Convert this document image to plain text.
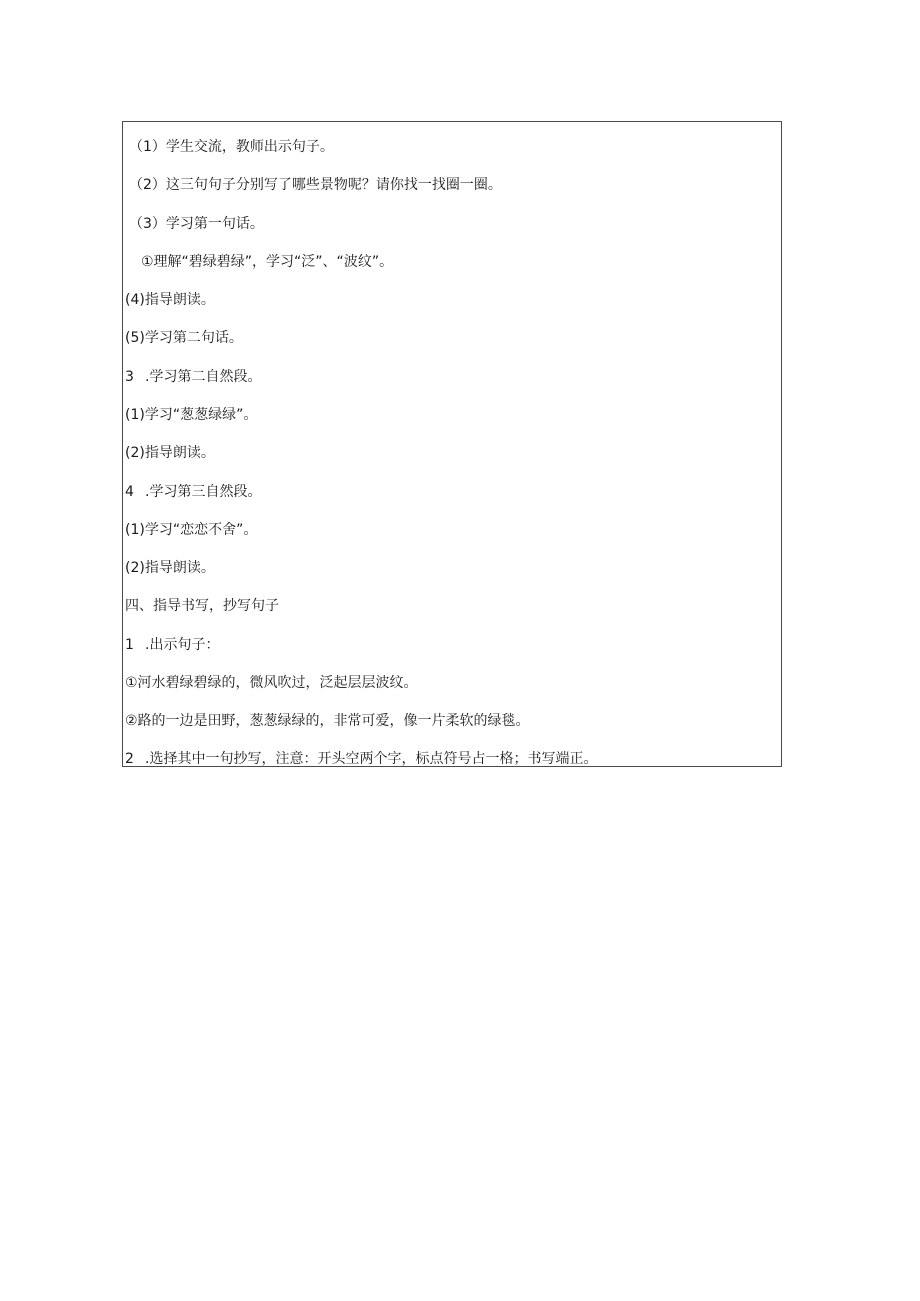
（1）学生交流，教师出示句子。
（2）这三句句子分别写了哪些景物呢？请你找一找圈一圈。
（3）学习第一句话。
①理解“碧绿碧绿”，学习“泛”、“波纹”。
(4)指导朗读。
(5)学习第二句话。
3 .学习第二自然段。
(1)学习“葱葱绿绿”。
(2)指导朗读。
4 .学习第三自然段。
(1)学习“恋恋不舍”。
(2)指导朗读。
四、指导书写，抄写句子
1 .出示句子：
①河水碧绿碧绿的，微风吹过，泛起层层波纹。
②路的一边是田野，葱葱绿绿的，非常可爱，像一片柔软的绿毯。
2 .选择其中一句抄写，注意：开头空两个字，标点符号占一格；书写端正。
